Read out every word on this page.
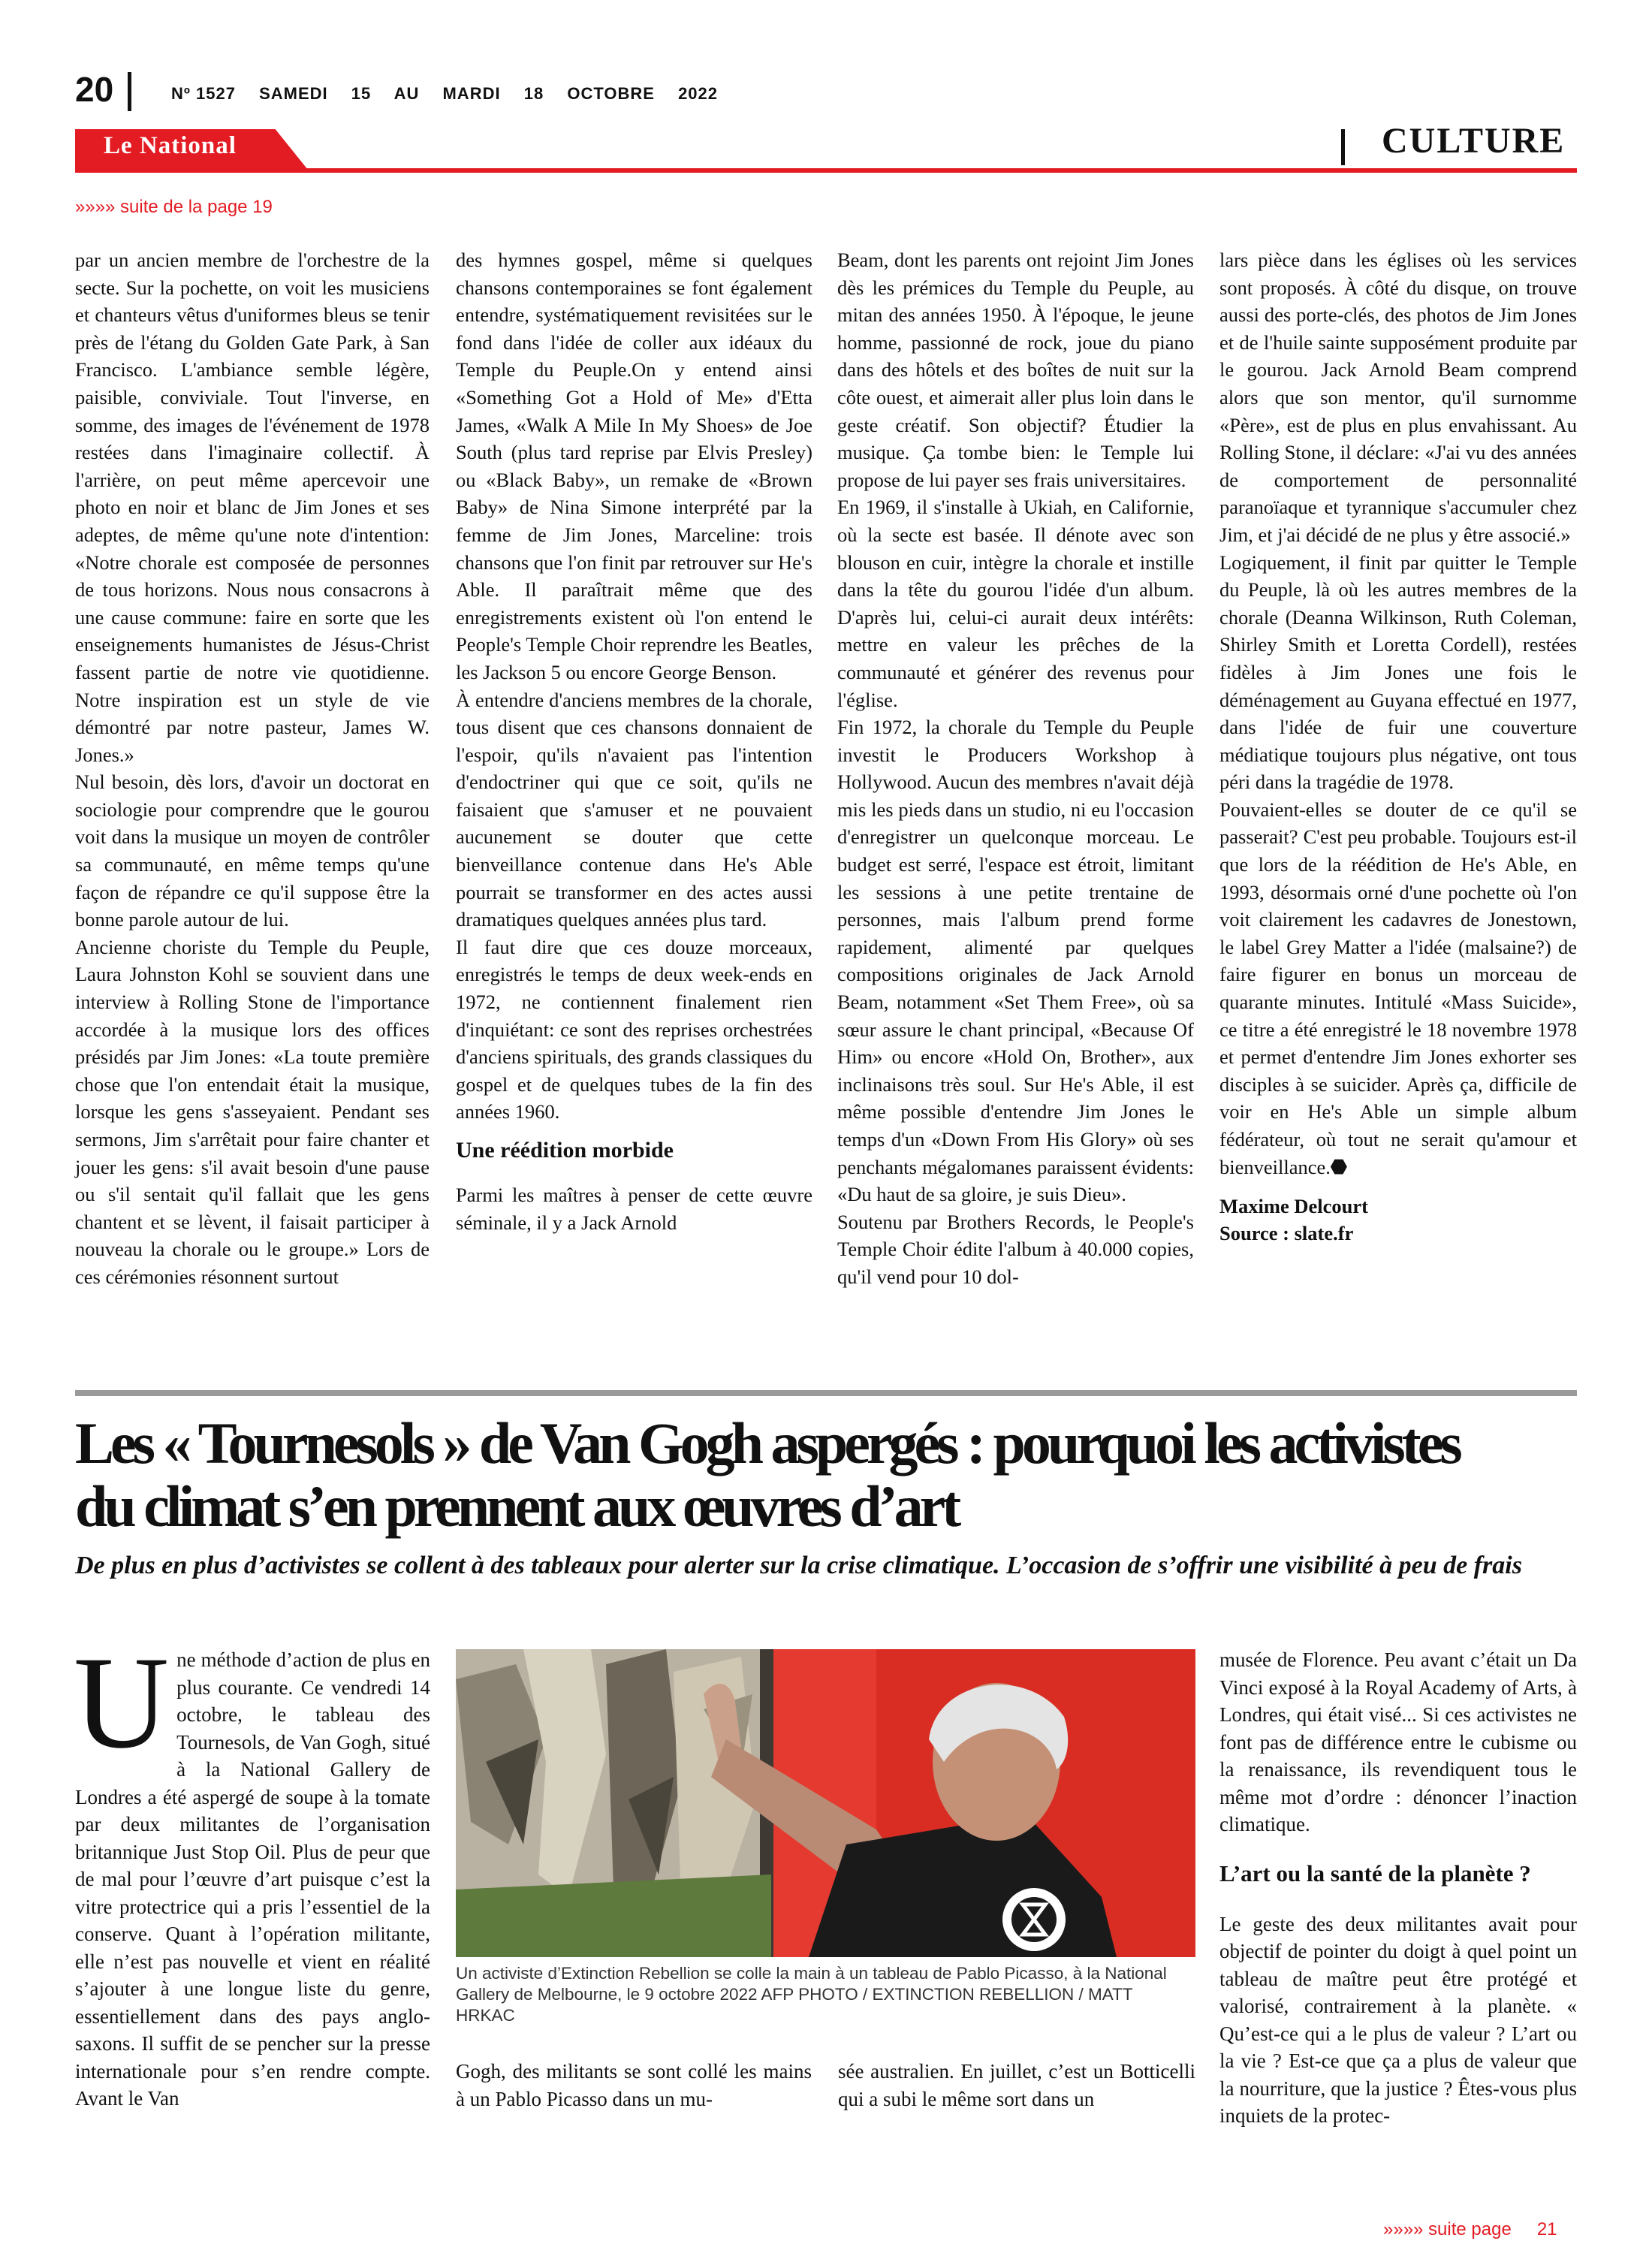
20	Nº 1527 SAMEDI 15 AU MARDI 18 OCTOBRE 2022
Le National	CULTURE
»»»» suite de la page 19

par un ancien membre de l'orchestre de la secte. Sur la pochette, on voit les musiciens et chanteurs vêtus d'uniformes bleus se tenir près de l'étang du Golden Gate Park, à San Francisco. L'ambiance semble légère, paisible, conviviale. Tout l'inverse, en somme, des images de l'événement de 1978 restées dans l'imaginaire collectif. À l'arrière, on peut même apercevoir une photo en noir et blanc de Jim Jones et ses adeptes, de même qu'une note d'intention: «Notre chorale est composée de personnes de tous horizons. Nous nous consacrons à une cause commune: faire en sorte que les enseignements humanistes de Jésus-Christ fassent partie de notre vie quotidienne. Notre inspiration est un style de vie démontré par notre pasteur, James W. Jones.»

Nul besoin, dès lors, d'avoir un doctorat en sociologie pour comprendre que le gourou voit dans la musique un moyen de contrôler sa communauté, en même temps qu'une façon de répandre ce qu'il suppose être la bonne parole autour de lui.

Ancienne choriste du Temple du Peuple, Laura Johnston Kohl se souvient dans une interview à Rolling Stone de l'importance accordée à la musique lors des offices présidés par Jim Jones: «La toute première chose que l'on entendait était la musique, lorsque les gens s'asseyaient. Pendant ses sermons, Jim s'arrêtait pour faire chanter et jouer les gens: s'il avait besoin d'une pause ou s'il sentait qu'il fallait que les gens chantent et se lèvent, il faisait participer à nouveau la chorale ou le groupe.» Lors de ces cérémonies résonnent surtout

des hymnes gospel, même si quelques chansons contemporaines se font également entendre, systématiquement revisitées sur le fond dans l'idée de coller aux idéaux du Temple du Peuple.On y entend ainsi «Something Got a Hold of Me» d'Etta James, «Walk A Mile In My Shoes» de Joe South (plus tard reprise par Elvis Presley) ou «Black Baby», un remake de «Brown Baby» de Nina Simone interprété par la femme de Jim Jones, Marceline: trois chansons que l'on finit par retrouver sur He's Able. Il paraîtrait même que des enregistrements existent où l'on entend le People's Temple Choir reprendre les Beatles, les Jackson 5 ou encore George Benson.

À entendre d'anciens membres de la chorale, tous disent que ces chansons donnaient de l'espoir, qu'ils n'avaient pas l'intention d'endoctriner qui que ce soit, qu'ils ne faisaient que s'amuser et ne pouvaient aucunement se douter que cette bienveillance contenue dans He's Able pourrait se transformer en des actes aussi dramatiques quelques années plus tard.

Il faut dire que ces douze morceaux, enregistrés le temps de deux week-ends en 1972, ne contiennent finalement rien d'inquiétant: ce sont des reprises orchestrées d'anciens spirituals, des grands classiques du gospel et de quelques tubes de la fin des années 1960.

Une réédition morbide

Parmi les maîtres à penser de cette œuvre séminale, il y a Jack Arnold

Beam, dont les parents ont rejoint Jim Jones dès les prémices du Temple du Peuple, au mitan des années 1950. À l'époque, le jeune homme, passionné de rock, joue du piano dans des hôtels et des boîtes de nuit sur la côte ouest, et aimerait aller plus loin dans le geste créatif. Son objectif? Étudier la musique. Ça tombe bien: le Temple lui propose de lui payer ses frais universitaires.

En 1969, il s'installe à Ukiah, en Californie, où la secte est basée. Il dénote avec son blouson en cuir, intègre la chorale et instille dans la tête du gourou l'idée d'un album. D'après lui, celui-ci aurait deux intérêts: mettre en valeur les prêches de la communauté et générer des revenus pour l'église.

Fin 1972, la chorale du Temple du Peuple investit le Producers Workshop à Hollywood. Aucun des membres n'avait déjà mis les pieds dans un studio, ni eu l'occasion d'enregistrer un quelconque morceau. Le budget est serré, l'espace est étroit, limitant les sessions à une petite trentaine de personnes, mais l'album prend forme rapidement, alimenté par quelques compositions originales de Jack Arnold Beam, notamment «Set Them Free», où sa sœur assure le chant principal, «Because Of Him» ou encore «Hold On, Brother», aux inclinaisons très soul. Sur He's Able, il est même possible d'entendre Jim Jones le temps d'un «Down From His Glory» où ses penchants mégalomanes paraissent évidents: «Du haut de sa gloire, je suis Dieu».

Soutenu par Brothers Records, le People's Temple Choir édite l'album à 40.000 copies, qu'il vend pour 10 dol-

lars pièce dans les églises où les services sont proposés. À côté du disque, on trouve aussi des porte-clés, des photos de Jim Jones et de l'huile sainte supposément produite par le gourou. Jack Arnold Beam comprend alors que son mentor, qu'il surnomme «Père», est de plus en plus envahissant. Au Rolling Stone, il déclare: «J'ai vu des années de comportement de personnalité paranoïaque et tyrannique s'accumuler chez Jim, et j'ai décidé de ne plus y être associé.»

Logiquement, il finit par quitter le Temple du Peuple, là où les autres membres de la chorale (Deanna Wilkinson, Ruth Coleman, Shirley Smith et Loretta Cordell), restées fidèles à Jim Jones une fois le déménagement au Guyana effectué en 1977, dans l'idée de fuir une couverture médiatique toujours plus négative, ont tous péri dans la tragédie de 1978.

Pouvaient-elles se douter de ce qu'il se passerait? C'est peu probable. Toujours est-il que lors de la réédition de He's Able, en 1993, désormais orné d'une pochette où l'on voit clairement les cadavres de Jonestown, le label Grey Matter a l'idée (malsaine?) de faire figurer en bonus un morceau de quarante minutes. Intitulé «Mass Suicide», ce titre a été enregistré le 18 novembre 1978 et permet d'entendre Jim Jones exhorter ses disciples à se suicider. Après ça, difficile de voir en He's Able un simple album fédérateur, où tout ne serait qu'amour et bienveillance.

Maxime Delcourt
Source : slate.fr

Les « Tournesols » de Van Gogh aspergés : pourquoi les activistes
du climat s’en prennent aux œuvres d’art
De plus en plus d’activistes se collent à des tableaux pour alerter sur la crise climatique. L’occasion de s’offrir une visibilité à peu de frais
U ne méthode d’action de plus en plus courante. Ce vendredi 14 octobre, le tableau des Tournesols, de Van Gogh, situé à la National Gallery de Londres a été aspergé de soupe à la tomate par deux militantes de l’organisation britannique Just Stop Oil. Plus de peur que de mal pour l’œuvre d’art puisque c’est la vitre protectrice qui a pris l’essentiel de la conserve. Quant à l’opération militante, elle n’est pas nouvelle et vient en réalité s’ajouter à une longue liste du genre, essentiellement dans des pays anglo-saxons. Il suffit de se pencher sur la presse internationale pour s’en rendre compte. Avant le Van

Un activiste d’Extinction Rebellion se colle la main à un tableau de Pablo Picasso, à la National Gallery de Melbourne, le 9 octobre 2022 AFP PHOTO / EXTINCTION REBELLION / MATT HRKAC

Gogh, des militants se sont collé les mains à un Pablo Picasso dans un mu-

sée australien. En juillet, c’est un Botticelli qui a subi le même sort dans un

musée de Florence. Peu avant c’était un Da Vinci exposé à la Royal Academy of Arts, à Londres, qui était visé... Si ces activistes ne font pas de différence entre le cubisme ou la renaissance, ils revendiquent tous le même mot d’ordre : dénoncer l’inaction climatique.

L’art ou la santé de la planète ?

Le geste des deux militantes avait pour objectif de pointer du doigt à quel point un tableau de maître peut être protégé et valorisé, contrairement à la planète. « Qu’est-ce qui a le plus de valeur ? L’art ou la vie ? Est-ce que ça a plus de valeur que la nourriture, que la justice ? Êtes-vous plus inquiets de la protec-

»»»» suite page 21
